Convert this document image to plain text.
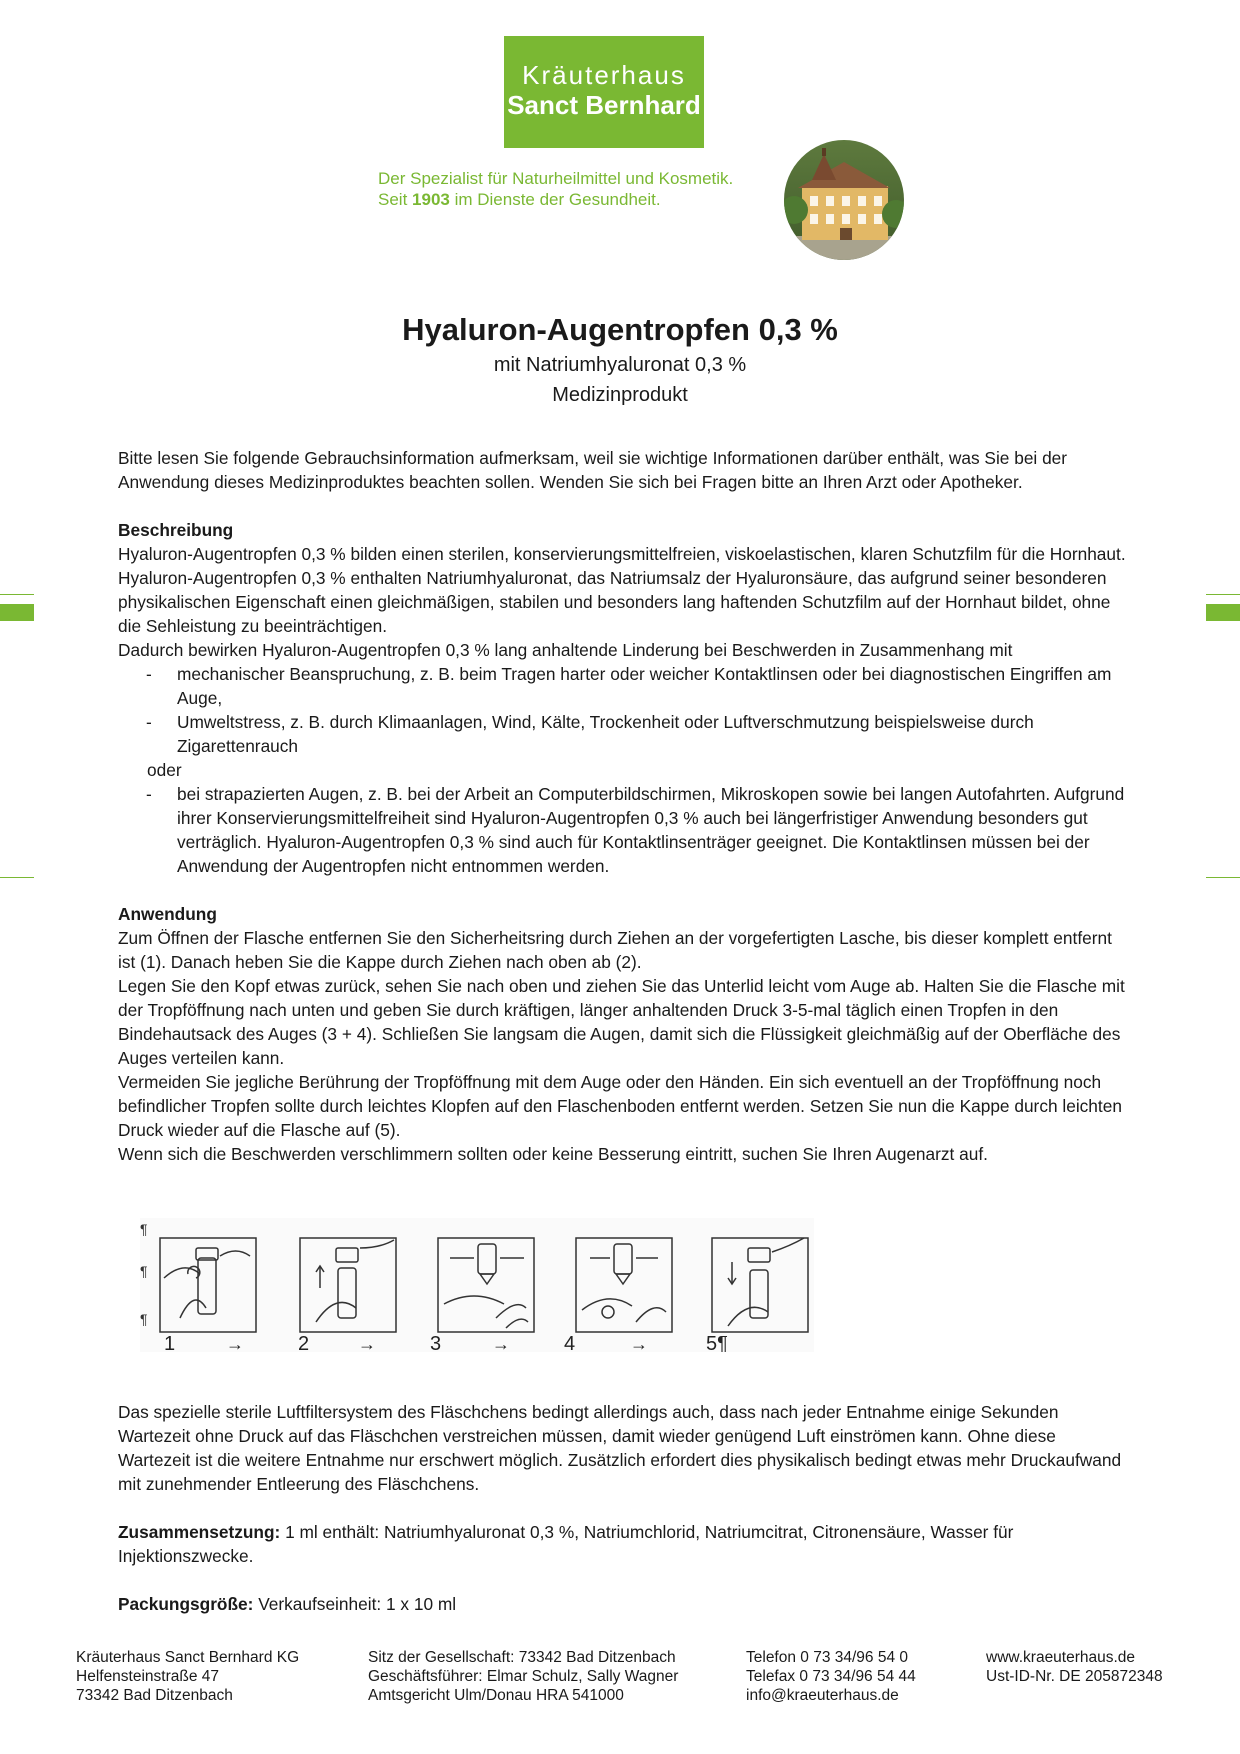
Kräuterhaus
Sanct Bernhard
Der Spezialist für Naturheilmittel und Kosmetik.
Seit 1903 im Dienste der Gesundheit.
Hyaluron-Augentropfen 0,3 %
mit Natriumhyaluronat 0,3 %
Medizinprodukt

Bitte lesen Sie folgende Gebrauchsinformation aufmerksam, weil sie wichtige Informationen darüber enthält, was Sie bei der Anwendung dieses Medizinproduktes beachten sollen. Wenden Sie sich bei Fragen bitte an Ihren Arzt oder Apotheker.

Beschreibung

Hyaluron-Augentropfen 0,3 % bilden einen sterilen, konservierungsmittelfreien, viskoelastischen, klaren Schutzfilm für die Hornhaut. Hyaluron-Augentropfen 0,3 % enthalten Natriumhyaluronat, das Natriumsalz der Hyaluronsäure, das aufgrund seiner besonderen physikalischen Eigenschaft einen gleichmäßigen, stabilen und besonders lang haftenden Schutzfilm auf der Hornhaut bildet, ohne die Sehleistung zu beeinträchtigen.

Dadurch bewirken Hyaluron-Augentropfen 0,3 % lang anhaltende Linderung bei Beschwerden in Zusammenhang mit

- mechanischer Beanspruchung, z. B. beim Tragen harter oder weicher Kontaktlinsen oder bei diagnostischen Eingriffen am Auge,
- Umweltstress, z. B. durch Klimaanlagen, Wind, Kälte, Trockenheit oder Luftverschmutzung beispielsweise durch Zigarettenrauch

oder

- bei strapazierten Augen, z. B. bei der Arbeit an Computerbildschirmen, Mikroskopen sowie bei langen Autofahrten. Aufgrund ihrer Konservierungsmittelfreiheit sind Hyaluron-Augentropfen 0,3 % auch bei längerfristiger Anwendung besonders gut verträglich. Hyaluron-Augentropfen 0,3 % sind auch für Kontaktlinsenträger geeignet. Die Kontaktlinsen müssen bei der Anwendung der Augentropfen nicht entnommen werden.

Anwendung

Zum Öffnen der Flasche entfernen Sie den Sicherheitsring durch Ziehen an der vorgefertigten Lasche, bis dieser komplett entfernt ist (1). Danach heben Sie die Kappe durch Ziehen nach oben ab (2).

Legen Sie den Kopf etwas zurück, sehen Sie nach oben und ziehen Sie das Unterlid leicht vom Auge ab. Halten Sie die Flasche mit der Tropföffnung nach unten und geben Sie durch kräftigen, länger anhaltenden Druck 3-5-mal täglich einen Tropfen in den Bindehautsack des Auges (3 + 4). Schließen Sie langsam die Augen, damit sich die Flüssigkeit gleichmäßig auf der Oberfläche des Auges verteilen kann.

Vermeiden Sie jegliche Berührung der Tropföffnung mit dem Auge oder den Händen. Ein sich eventuell an der Tropföffnung noch befindlicher Tropfen sollte durch leichtes Klopfen auf den Flaschenboden entfernt werden. Setzen Sie nun die Kappe durch leichten Druck wieder auf die Flasche auf (5).

Wenn sich die Beschwerden verschlimmern sollten oder keine Besserung eintritt, suchen Sie Ihren Augenarzt auf.

¶
¶
¶
1	→	2	→	3	→	4	→	5¶

Das spezielle sterile Luftfiltersystem des Fläschchens bedingt allerdings auch, dass nach jeder Entnahme einige Sekunden Wartezeit ohne Druck auf das Fläschchen verstreichen müssen, damit wieder genügend Luft einströmen kann. Ohne diese Wartezeit ist die weitere Entnahme nur erschwert möglich. Zusätzlich erfordert dies physikalisch bedingt etwas mehr Druckaufwand mit zunehmender Entleerung des Fläschchens.

Zusammensetzung: 1 ml enthält: Natriumhyaluronat 0,3 %, Natriumchlorid, Natriumcitrat, Citronensäure, Wasser für Injektionszwecke.

Packungsgröße: Verkaufseinheit: 1 x 10 ml

Kräuterhaus Sanct Bernhard KG
Helfensteinstraße 47
73342 Bad Ditzenbach
Sitz der Gesellschaft: 73342 Bad Ditzenbach
Geschäftsführer: Elmar Schulz, Sally Wagner
Amtsgericht Ulm/Donau HRA 541000
Telefon 0 73 34/96 54 0
Telefax 0 73 34/96 54 44
info@kraeuterhaus.de
www.kraeuterhaus.de
Ust-ID-Nr. DE 205872348
